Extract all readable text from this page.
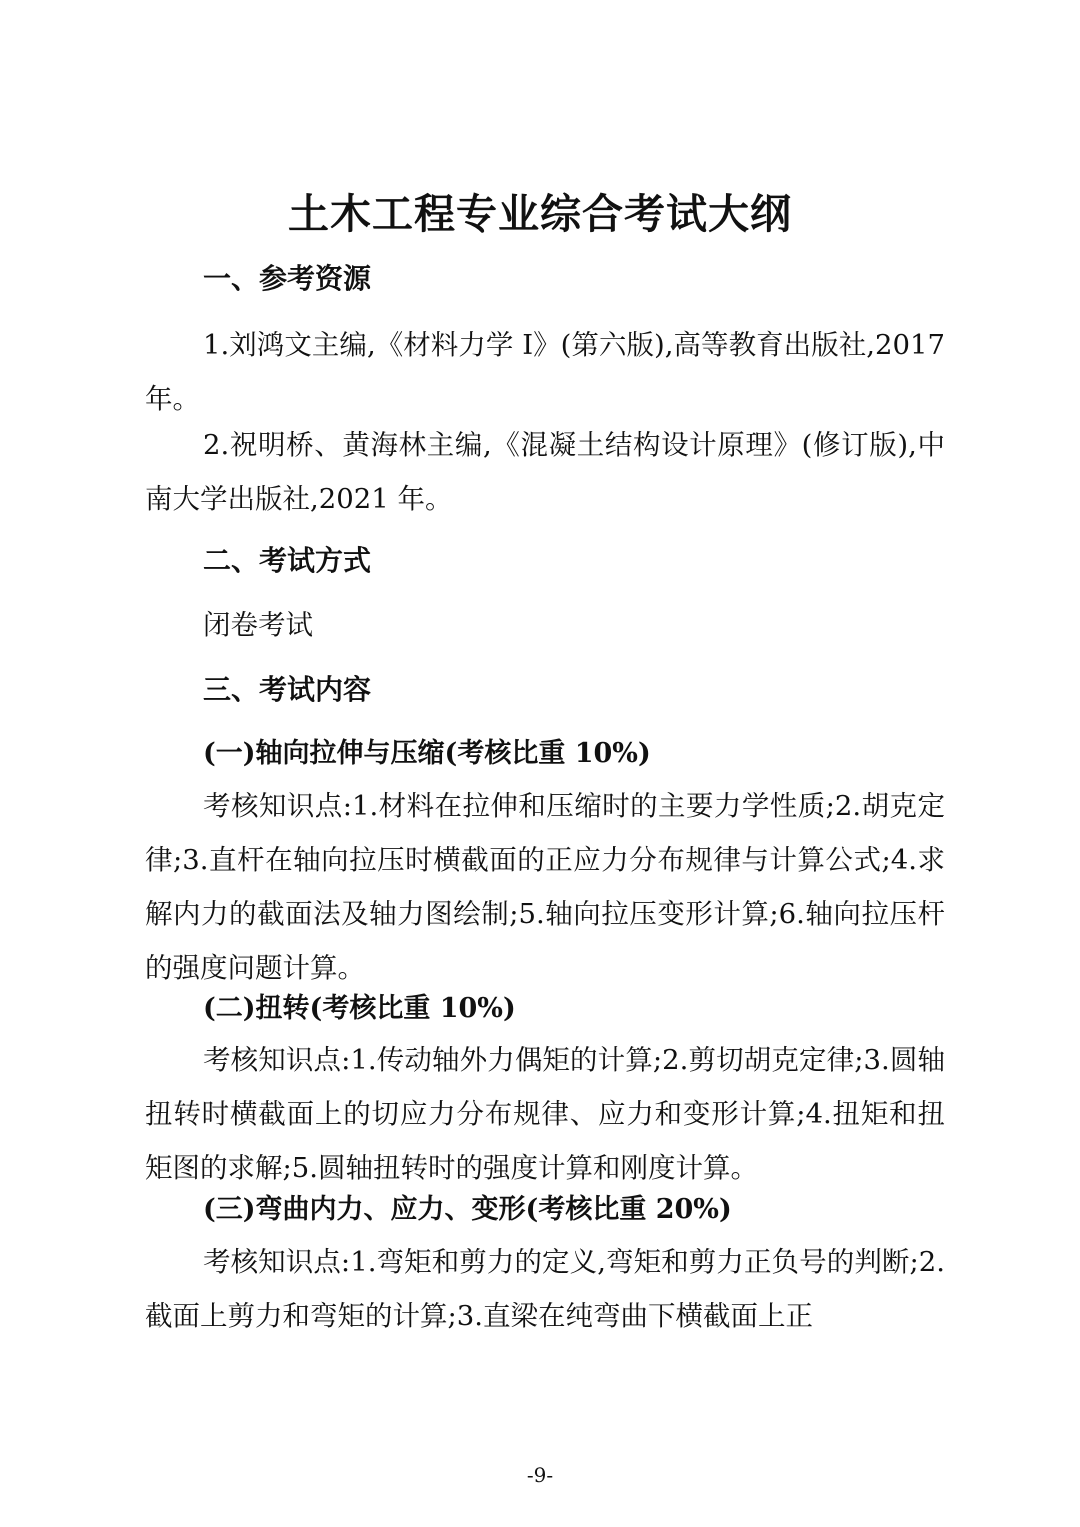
土木工程专业综合考试大纲
一、参考资源

1.刘鸿文主编,《材料力学 I》(第六版),高等教育出版社,2017 年。

2.祝明桥、黄海林主编,《混凝土结构设计原理》(修订版),中南大学出版社,2021 年。

二、考试方式
闭卷考试
三、考试内容
(一)轴向拉伸与压缩(考核比重 10%)

考核知识点:1.材料在拉伸和压缩时的主要力学性质;2.胡克定律;3.直杆在轴向拉压时横截面的正应力分布规律与计算公式;4.求解内力的截面法及轴力图绘制;5.轴向拉压变形计算;6.轴向拉压杆的强度问题计算。

(二)扭转(考核比重 10%)

考核知识点:1.传动轴外力偶矩的计算;2.剪切胡克定律;3.圆轴扭转时横截面上的切应力分布规律、应力和变形计算;4.扭矩和扭矩图的求解;5.圆轴扭转时的强度计算和刚度计算。

(三)弯曲内力、应力、变形(考核比重 20%)

考核知识点:1.弯矩和剪力的定义,弯矩和剪力正负号的判断;2.截面上剪力和弯矩的计算;3.直梁在纯弯曲下横截面上正

-9-
